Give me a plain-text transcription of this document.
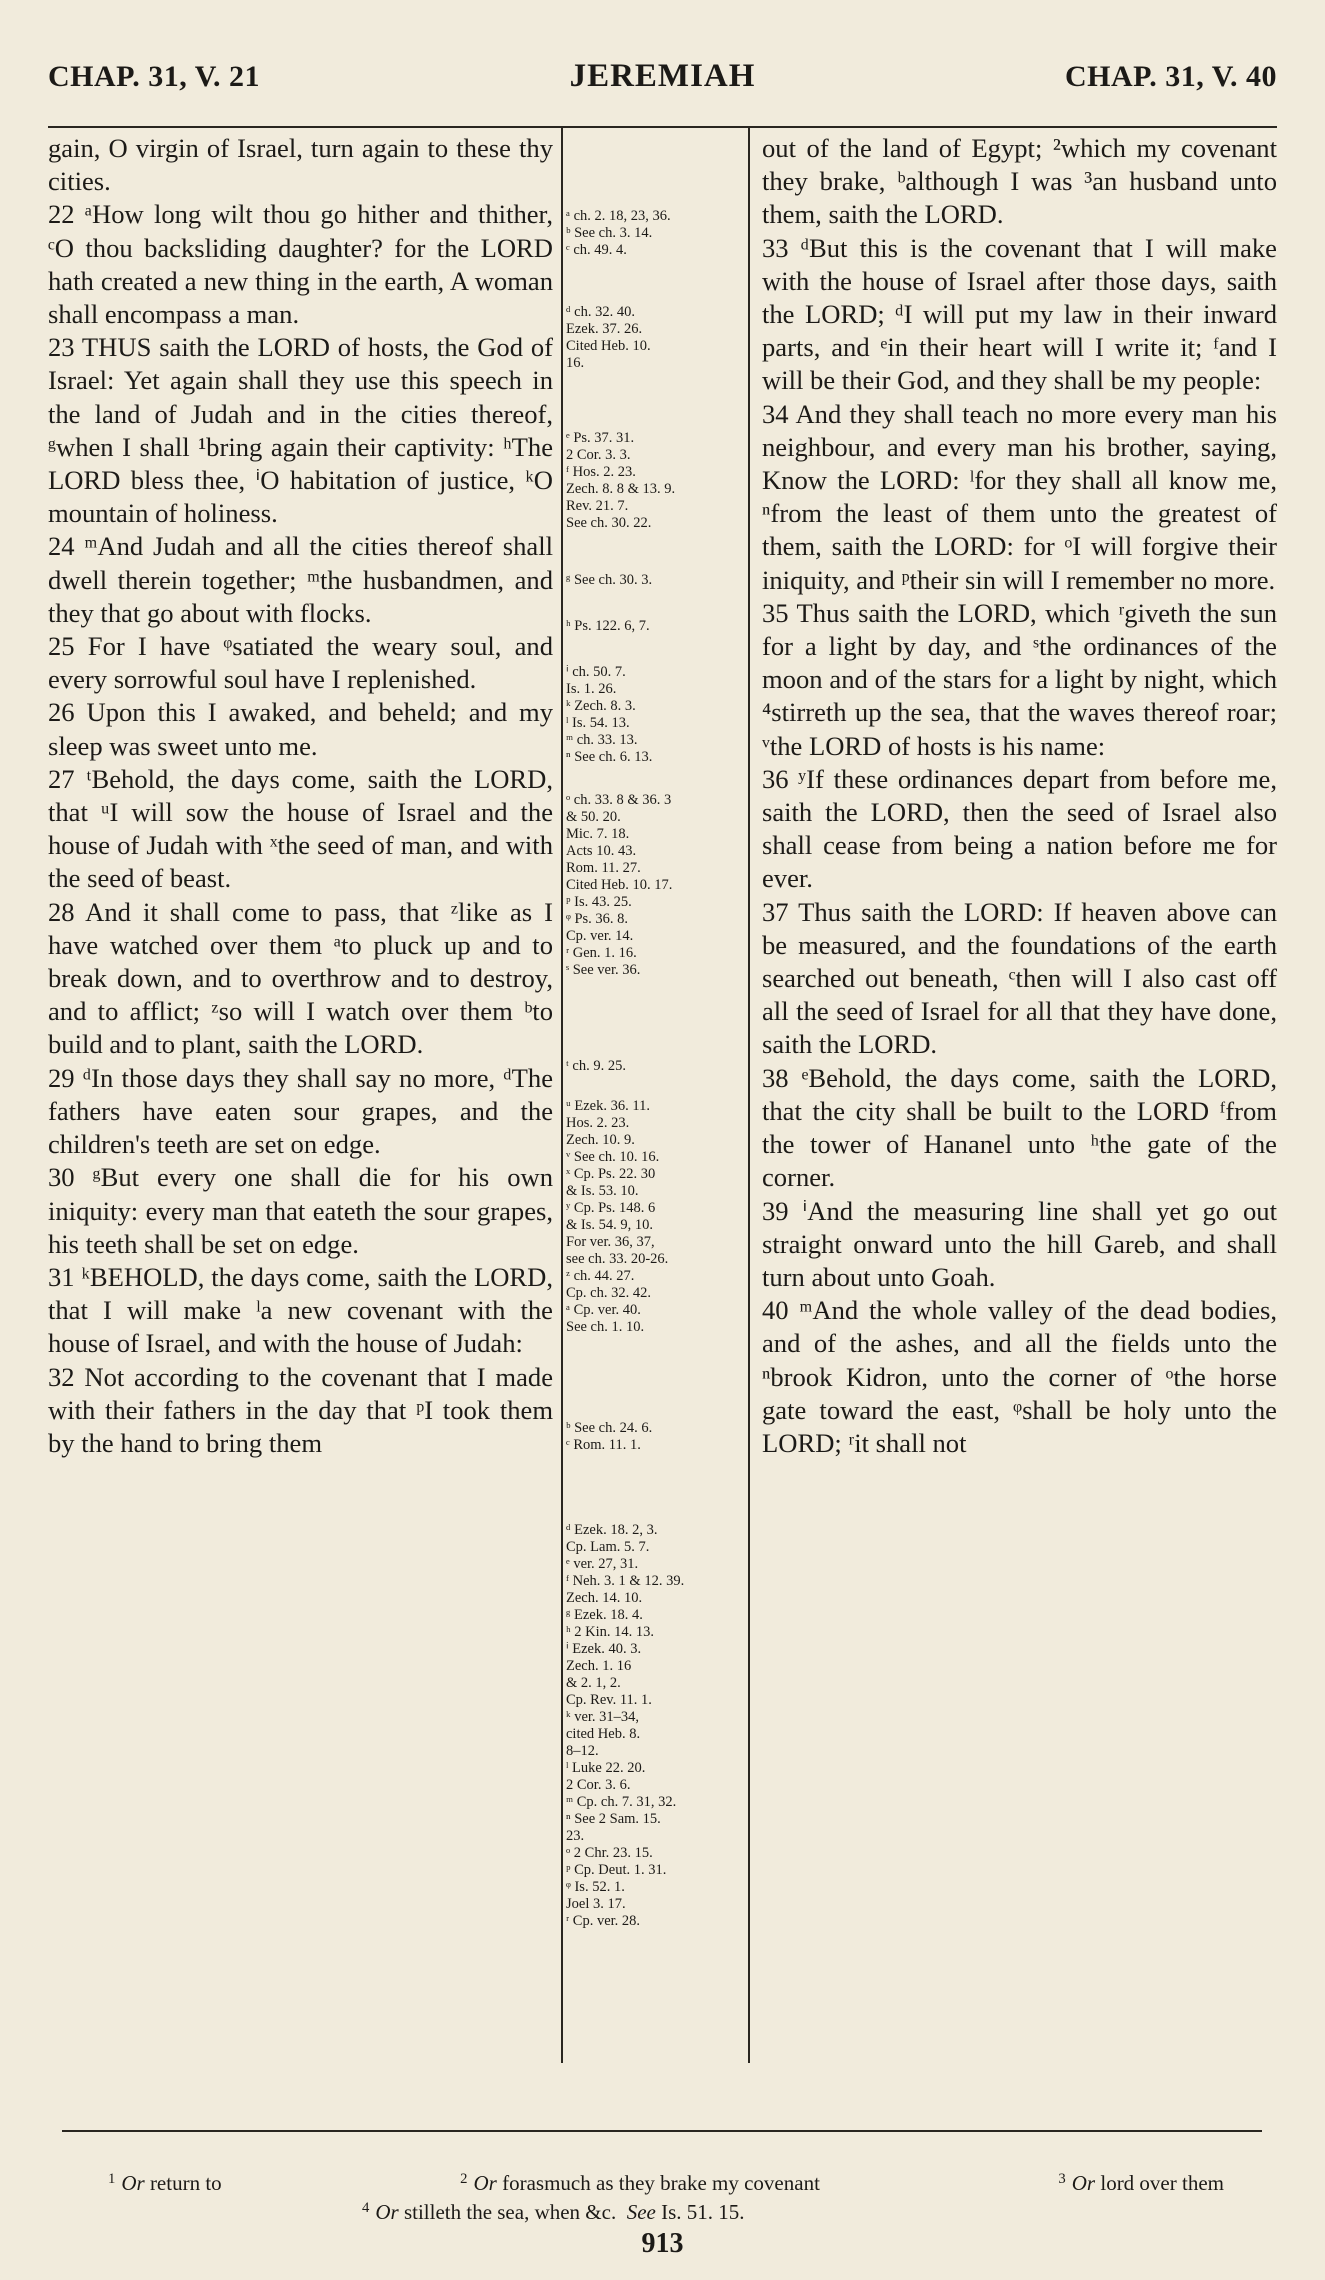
CHAP. 31, V. 21	JEREMIAH	CHAP. 31, V. 40

gain, O virgin of Israel, turn again to these thy cities.

22 ᵃHow long wilt thou go hither and thither, ᶜO thou backsliding daughter? for the LORD hath created a new thing in the earth, A woman shall encompass a man.

23 THUS saith the LORD of hosts, the God of Israel: Yet again shall they use this speech in the land of Judah and in the cities thereof, ᵍwhen I shall ¹bring again their captivity: ʰThe LORD bless thee, ⁱO habitation of justice, ᵏO mountain of holiness.

24 ᵐAnd Judah and all the cities thereof shall dwell therein together; ᵐthe husbandmen, and they that go about with flocks.

25 For I have ᵠsatiated the weary soul, and every sorrowful soul have I replenished.

26 Upon this I awaked, and beheld; and my sleep was sweet unto me.

27 ᵗBehold, the days come, saith the LORD, that ᵘI will sow the house of Israel and the house of Judah with ˣthe seed of man, and with the seed of beast.

28 And it shall come to pass, that ᶻlike as I have watched over them ᵃto pluck up and to break down, and to overthrow and to destroy, and to afflict; ᶻso will I watch over them ᵇto build and to plant, saith the LORD.

29 ᵈIn those days they shall say no more, ᵈThe fathers have eaten sour grapes, and the children's teeth are set on edge.

30 ᵍBut every one shall die for his own iniquity: every man that eateth the sour grapes, his teeth shall be set on edge.

31 ᵏBEHOLD, the days come, saith the LORD, that I will make ˡa new covenant with the house of Israel, and with the house of Judah:

32 Not according to the covenant that I made with their fathers in the day that ᵖI took them by the hand to bring them

ᵃ ch. 2. 18, 23, 36.
ᵇ See ch. 3. 14.
ᶜ ch. 49. 4.
ᵈ ch. 32. 40.
Ezek. 37. 26.
Cited Heb. 10.
16.
ᵉ Ps. 37. 31.
2 Cor. 3. 3.
ᶠ Hos. 2. 23.
Zech. 8. 8 & 13. 9.
Rev. 21. 7.
See ch. 30. 22.
ᵍ See ch. 30. 3.
ʰ Ps. 122. 6, 7.
ⁱ ch. 50. 7.
Is. 1. 26.
ᵏ Zech. 8. 3.
ˡ Is. 54. 13.
ᵐ ch. 33. 13.
ⁿ See ch. 6. 13.
ᵒ ch. 33. 8 & 36. 3
& 50. 20.
Mic. 7. 18.
Acts 10. 43.
Rom. 11. 27.
Cited Heb. 10. 17.
ᵖ Is. 43. 25.
ᵠ Ps. 36. 8.
Cp. ver. 14.
ʳ Gen. 1. 16.
ˢ See ver. 36.
ᵗ ch. 9. 25.
ᵘ Ezek. 36. 11.
Hos. 2. 23.
Zech. 10. 9.
ᵛ See ch. 10. 16.
ˣ Cp. Ps. 22. 30
& Is. 53. 10.
ʸ Cp. Ps. 148. 6
& Is. 54. 9, 10.
For ver. 36, 37,
see ch. 33. 20-26.
ᶻ ch. 44. 27.
Cp. ch. 32. 42.
ᵃ Cp. ver. 40.
See ch. 1. 10.
ᵇ See ch. 24. 6.
ᶜ Rom. 11. 1.
ᵈ Ezek. 18. 2, 3.
Cp. Lam. 5. 7.
ᵉ ver. 27, 31.
ᶠ Neh. 3. 1 & 12. 39.
Zech. 14. 10.
ᵍ Ezek. 18. 4.
ʰ 2 Kin. 14. 13.
ⁱ Ezek. 40. 3.
Zech. 1. 16
& 2. 1, 2.
Cp. Rev. 11. 1.
ᵏ ver. 31–34,
cited Heb. 8.
8–12.
ˡ Luke 22. 20.
2 Cor. 3. 6.
ᵐ Cp. ch. 7. 31, 32.
ⁿ See 2 Sam. 15.
23.
ᵒ 2 Chr. 23. 15.
ᵖ Cp. Deut. 1. 31.
ᵠ Is. 52. 1.
Joel 3. 17.
ʳ Cp. ver. 28.

out of the land of Egypt; ²which my covenant they brake, ᵇalthough I was ³an husband unto them, saith the LORD.

33 ᵈBut this is the covenant that I will make with the house of Israel after those days, saith the LORD; ᵈI will put my law in their inward parts, and ᵉin their heart will I write it; ᶠand I will be their God, and they shall be my people:

34 And they shall teach no more every man his neighbour, and every man his brother, saying, Know the LORD: ˡfor they shall all know me, ⁿfrom the least of them unto the greatest of them, saith the LORD: for ᵒI will forgive their iniquity, and ᵖtheir sin will I remember no more.

35 Thus saith the LORD, which ʳgiveth the sun for a light by day, and ˢthe ordinances of the moon and of the stars for a light by night, which ⁴stirreth up the sea, that the waves thereof roar; ᵛthe LORD of hosts is his name:

36 ʸIf these ordinances depart from before me, saith the LORD, then the seed of Israel also shall cease from being a nation before me for ever.

37 Thus saith the LORD: If heaven above can be measured, and the foundations of the earth searched out beneath, ᶜthen will I also cast off all the seed of Israel for all that they have done, saith the LORD.

38 ᵉBehold, the days come, saith the LORD, that the city shall be built to the LORD ᶠfrom the tower of Hananel unto ʰthe gate of the corner.

39 ⁱAnd the measuring line shall yet go out straight onward unto the hill Gareb, and shall turn about unto Goah.

40 ᵐAnd the whole valley of the dead bodies, and of the ashes, and all the fields unto the ⁿbrook Kidron, unto the corner of ᵒthe horse gate toward the east, ᵠshall be holy unto the LORD; ʳit shall not

$^1$ Or return to	$^2$ Or forasmuch as they brake my covenant	$^3$ Or lord over them
$^4$ Or stilleth the sea, when &c. See Is. 51. 15.
913
